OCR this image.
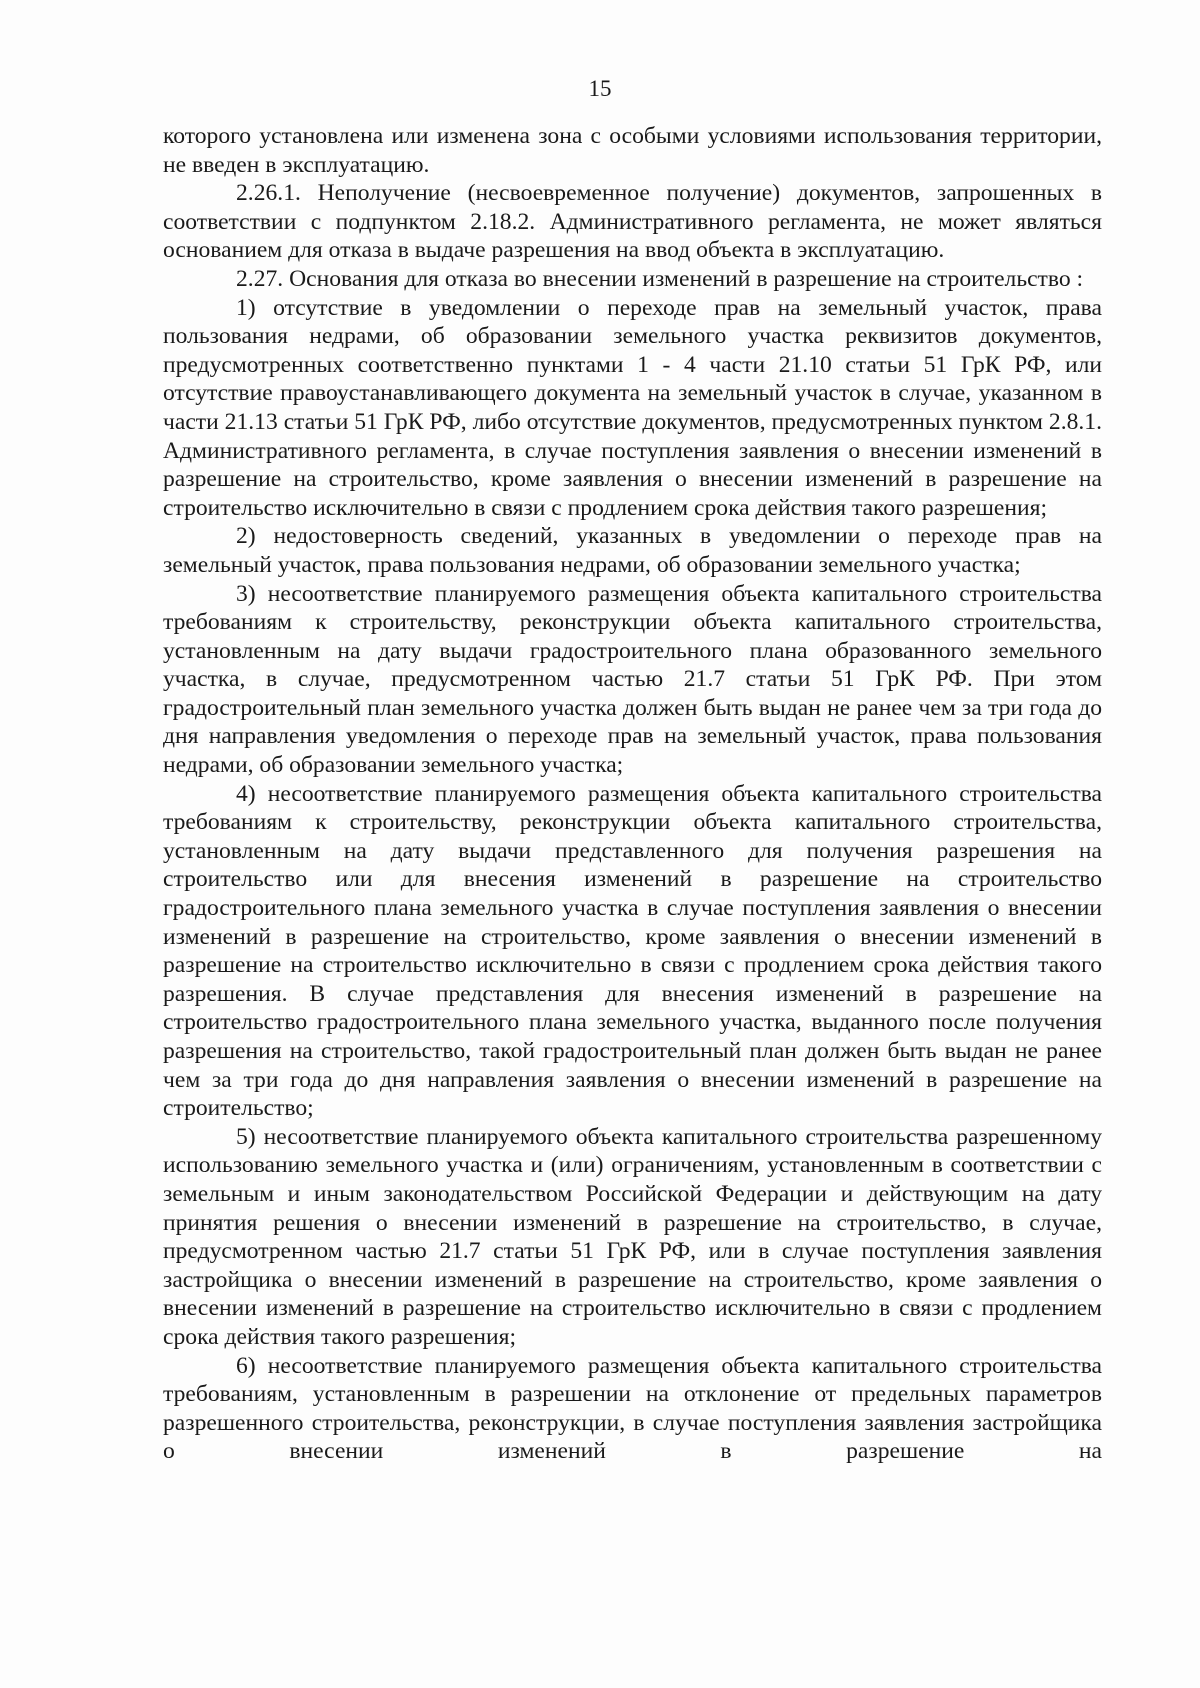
15

которого установлена или изменена зона с особыми условиями использования территории, не введен в эксплуатацию.

2.26.1. Неполучение (несвоевременное получение) документов, запрошенных в соответствии с подпунктом 2.18.2. Административного регламента, не может являться основанием для отказа в выдаче разрешения на ввод объекта в эксплуатацию.

2.27. Основания для отказа во внесении изменений в разрешение на строительство :

1) отсутствие в уведомлении о переходе прав на земельный участок, права пользования недрами, об образовании земельного участка реквизитов документов, предусмотренных соответственно пунктами 1 - 4 части 21.10 статьи 51 ГрК РФ, или отсутствие правоустанавливающего документа на земельный участок в случае, указанном в части 21.13 статьи 51 ГрК РФ, либо отсутствие документов, предусмотренных пунктом 2.8.1. Административного регламента, в случае поступления заявления о внесении изменений в разрешение на строительство, кроме заявления о внесении изменений в разрешение на строительство исключительно в связи с продлением срока действия такого разрешения;

2) недостоверность сведений, указанных в уведомлении о переходе прав на земельный участок, права пользования недрами, об образовании земельного участка;

3) несоответствие планируемого размещения объекта капитального строительства требованиям к строительству, реконструкции объекта капитального строительства, установленным на дату выдачи градостроительного плана образованного земельного участка, в случае, предусмотренном частью 21.7 статьи 51 ГрК РФ. При этом градостроительный план земельного участка должен быть выдан не ранее чем за три года до дня направления уведомления о переходе прав на земельный участок, права пользования недрами, об образовании земельного участка;

4) несоответствие планируемого размещения объекта капитального строительства требованиям к строительству, реконструкции объекта капитального строительства, установленным на дату выдачи представленного для получения разрешения на строительство или для внесения изменений в разрешение на строительство градостроительного плана земельного участка в случае поступления заявления о внесении изменений в разрешение на строительство, кроме заявления о внесении изменений в разрешение на строительство исключительно в связи с продлением срока действия такого разрешения. В случае представления для внесения изменений в разрешение на строительство градостроительного плана земельного участка, выданного после получения разрешения на строительство, такой градостроительный план должен быть выдан не ранее чем за три года до дня направления заявления о внесении изменений в разрешение на строительство;

5) несоответствие планируемого объекта капитального строительства разрешенному использованию земельного участка и (или) ограничениям, установленным в соответствии с земельным и иным законодательством Российской Федерации и действующим на дату принятия решения о внесении изменений в разрешение на строительство, в случае, предусмотренном частью 21.7 статьи 51 ГрК РФ, или в случае поступления заявления застройщика о внесении изменений в разрешение на строительство, кроме заявления о внесении изменений в разрешение на строительство исключительно в связи с продлением срока действия такого разрешения;

6) несоответствие планируемого размещения объекта капитального строительства требованиям, установленным в разрешении на отклонение от предельных параметров разрешенного строительства, реконструкции, в случае поступления заявления застройщика о внесении изменений в разрешение на
